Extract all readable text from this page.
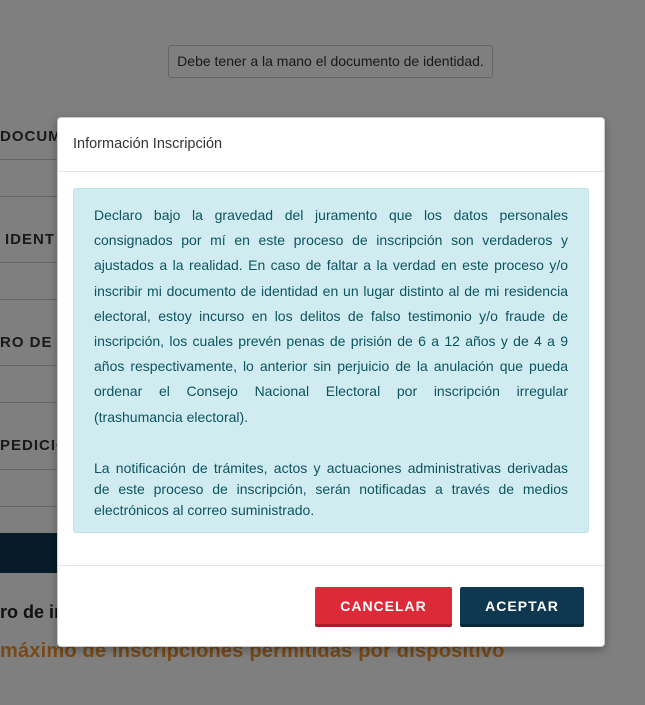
Información Inscripción

Declaro bajo la gravedad del juramento que los datos personales consignados por mí en este proceso de inscripción son verdaderos y ajustados a la realidad. En caso de faltar a la verdad en este proceso y/o inscribir mi documento de identidad en un lugar distinto al de mi residencia electoral, estoy incurso en los delitos de falso testimonio y/o fraude de inscripción, los cuales prevén penas de prisión de 6 a 12 años y de 4 a 9 años respectivamente, lo anterior sin perjuicio de la anulación que pueda ordenar el Consejo Nacional Electoral por inscripción irregular (trashumancia electoral).

La notificación de trámites, actos y actuaciones administrativas derivadas de este proceso de inscripción, serán notificadas a través de medios electrónicos al correo suministrado.

CANCELAR	ACEPTAR
